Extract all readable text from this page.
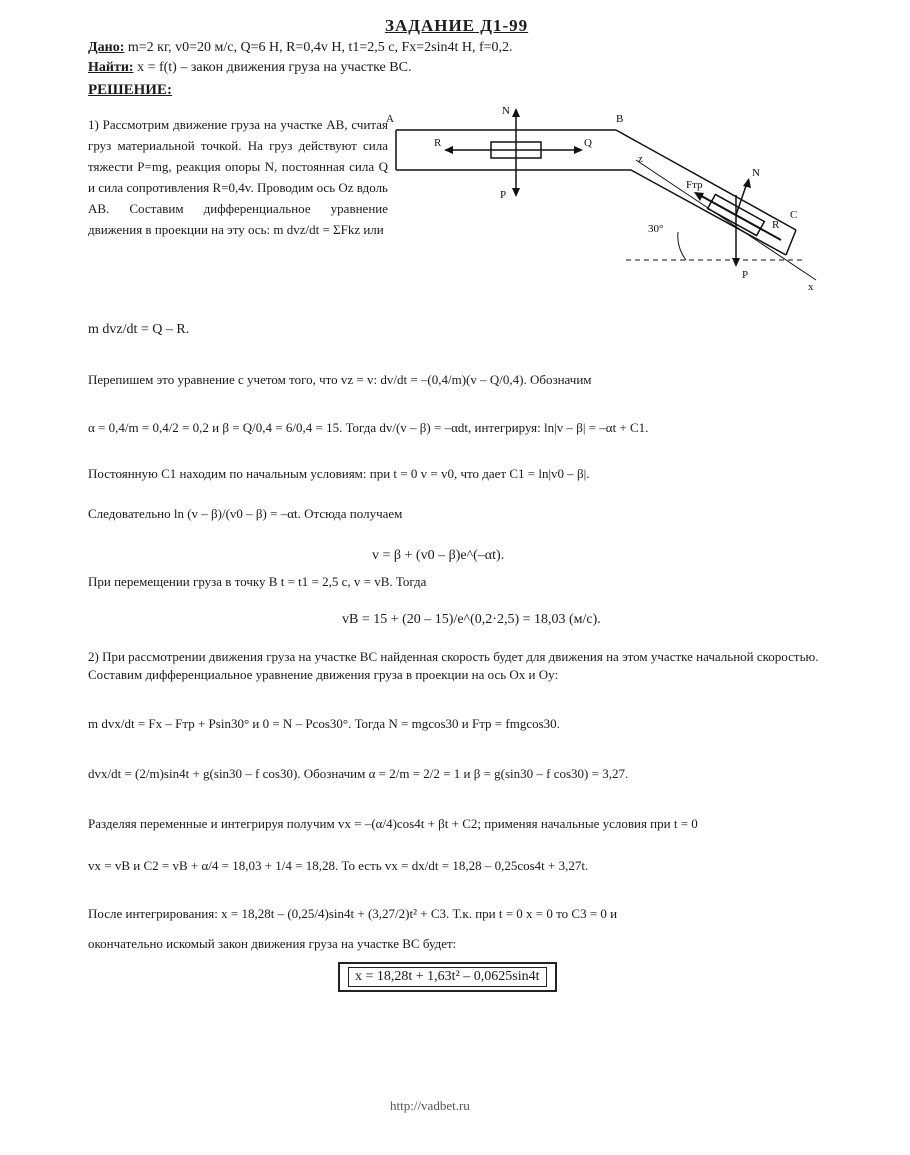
ЗАДАНИЕ Д1-99
Дано: m=2 кг, v0=20 м/с, Q=6 Н, R=0,4v Н, t1=2,5 с, Fx=2sin4t Н, f=0,2.
Найти: x = f(t) – закон движения груза на участке ВС.
РЕШЕНИЕ:
1) Рассмотрим движение груза на участке АВ, считая груз материальной точкой. На груз действуют сила тяжести P=mg, реакция опоры N, постоянная сила Q и сила сопротивления R=0,4v. Проводим ось Oz вдоль AB. Составим дифференциальное уравнение движения в проекции на эту ось: m dvz/dt = ΣFkz или
A	B
C
N
R	Q
P
N
Fтр
R
P
30°
x
z
m dvz/dt = Q – R.
Перепишем это уравнение с учетом того, что vz = v: dv/dt = –(0,4/m)(v – Q/0,4). Обозначим
α = 0,4/m = 0,4/2 = 0,2 и β = Q/0,4 = 6/0,4 = 15. Тогда dv/(v – β) = –αdt, интегрируя: ln|v – β| = –αt + C1.
Постоянную C1 находим по начальным условиям: при t = 0 v = v0, что дает C1 = ln|v0 – β|.
Следовательно ln (v – β)/(v0 – β) = –αt. Отсюда получаем
v = β + (v0 – β)e^(–αt).
При перемещении груза в точку В t = t1 = 2,5 с, v = vB. Тогда
vB = 15 + (20 – 15)/e^(0,2·2,5) = 18,03 (м/с).
2) При рассмотрении движения груза на участке ВС найденная скорость будет для движения на этом участке начальной скоростью. Составим дифференциальное уравнение движения груза в проекции на ось Ox и Oy:
m dvx/dt = Fx – Fтр + Psin30° и 0 = N – Pcos30°. Тогда N = mgcos30 и Fтр = fmgcos30.
dvx/dt = (2/m)sin4t + g(sin30 – f cos30). Обозначим α = 2/m = 2/2 = 1 и β = g(sin30 – f cos30) = 3,27.
Разделяя переменные и интегрируя получим vx = –(α/4)cos4t + βt + C2; применяя начальные условия при t = 0
vx = vB и C2 = vB + α/4 = 18,03 + 1/4 = 18,28. То есть vx = dx/dt = 18,28 – 0,25cos4t + 3,27t.
После интегрирования: x = 18,28t – (0,25/4)sin4t + (3,27/2)t² + C3. Т.к. при t = 0 x = 0 то C3 = 0 и
окончательно искомый закон движения груза на участке ВС будет:
x = 18,28t + 1,63t² – 0,0625sin4t
http://vadbet.ru
